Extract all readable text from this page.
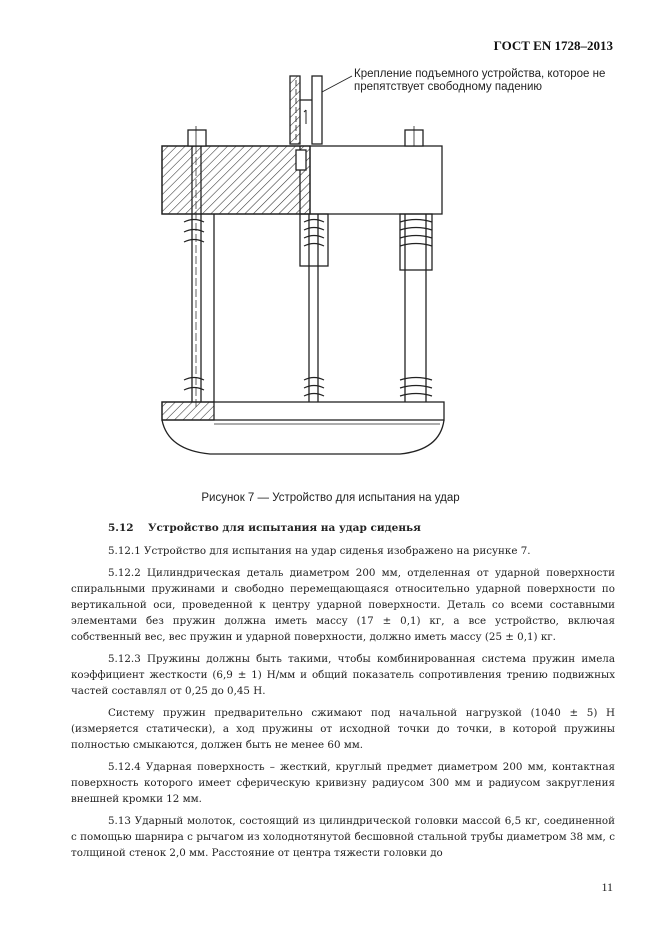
ГОСТ EN 1728–2013
Крепление подъемного устройства, которое не препятствует свободному падению
Рисунок 7 — Устройство для испытания на удар
5.12 Устройство для испытания на удар сиденья

5.12.1 Устройство для испытания на удар сиденья изображено на рисунке 7.

5.12.2 Цилиндрическая деталь диаметром 200 мм, отделенная от ударной поверхности спиральными пружинами и свободно перемещающаяся относительно ударной поверхности по вертикальной оси, проведенной к центру ударной поверхности. Деталь со всеми составными элементами без пружин должна иметь массу (17 ± 0,1) кг, а все устройство, включая собственный вес, вес пружин и ударной поверхности, должно иметь массу (25 ± 0,1) кг.

5.12.3 Пружины должны быть такими, чтобы комбинированная система пружин имела коэффициент жесткости (6,9 ± 1) Н/мм и общий показатель сопротивления трению подвижных частей составлял от 0,25 до 0,45 Н.

Систему пружин предварительно сжимают под начальной нагрузкой (1040 ± 5) Н (измеряется статически), а ход пружины от исходной точки до точки, в которой пружины полностью смыкаются, должен быть не менее 60 мм.

5.12.4 Ударная поверхность – жесткий, круглый предмет диаметром 200 мм, контактная поверхность которого имеет сферическую кривизну радиусом 300 мм и радиусом закругления внешней кромки 12 мм.

5.13 Ударный молоток, состоящий из цилиндрической головки массой 6,5 кг, соединенной с помощью шарнира с рычагом из холоднотянутой бесшовной стальной трубы диаметром 38 мм, с толщиной стенок 2,0 мм. Расстояние от центра тяжести головки до

11
